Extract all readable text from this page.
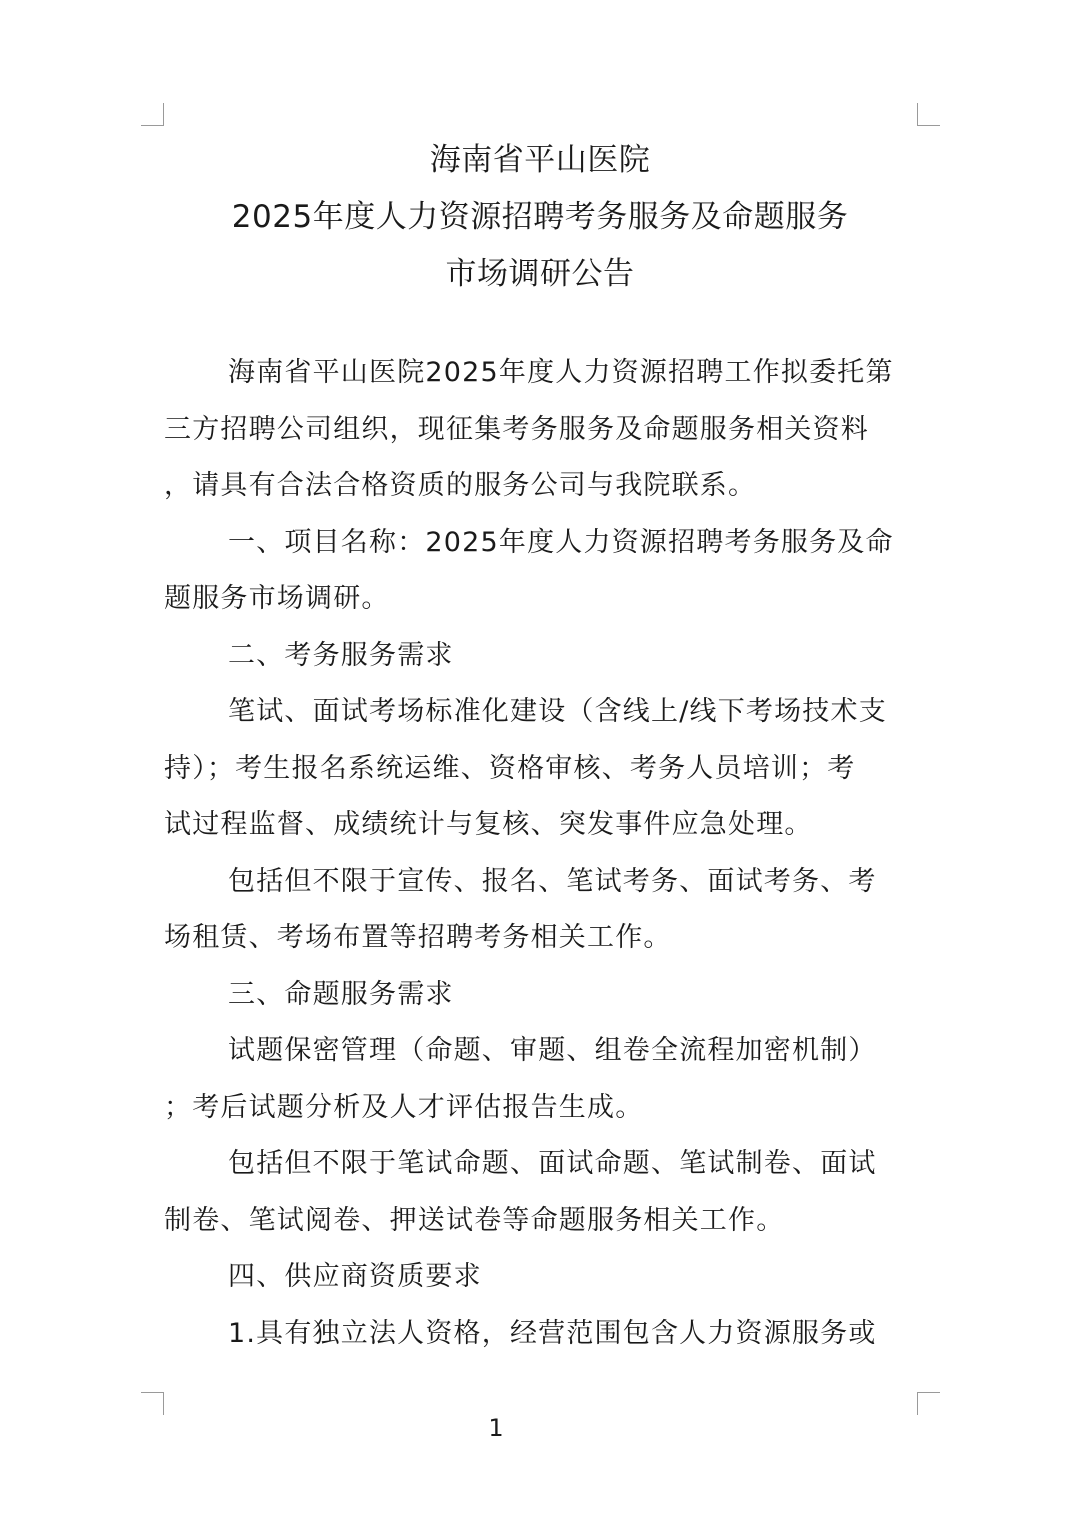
海南省平山医院
2025年度人力资源招聘考务服务及命题服务
市场调研公告
海南省平山医院2025年度人力资源招聘工作拟委托第
三方招聘公司组织，现征集考务服务及命题服务相关资料
，请具有合法合格资质的服务公司与我院联系。
一、项目名称：2025年度人力资源招聘考务服务及命
题服务市场调研。
二、考务服务需求
笔试、面试考场标准化建设（含线上/线下考场技术支
持）；考生报名系统运维、资格审核、考务人员培训；考
试过程监督、成绩统计与复核、突发事件应急处理。
包括但不限于宣传、报名、笔试考务、面试考务、考
场租赁、考场布置等招聘考务相关工作。
三、命题服务需求
试题保密管理（命题、审题、组卷全流程加密机制）
；考后试题分析及人才评估报告生成。
包括但不限于笔试命题、面试命题、笔试制卷、面试
制卷、笔试阅卷、押送试卷等命题服务相关工作。
四、供应商资质要求
1.具有独立法人资格，经营范围包含人力资源服务或
1
